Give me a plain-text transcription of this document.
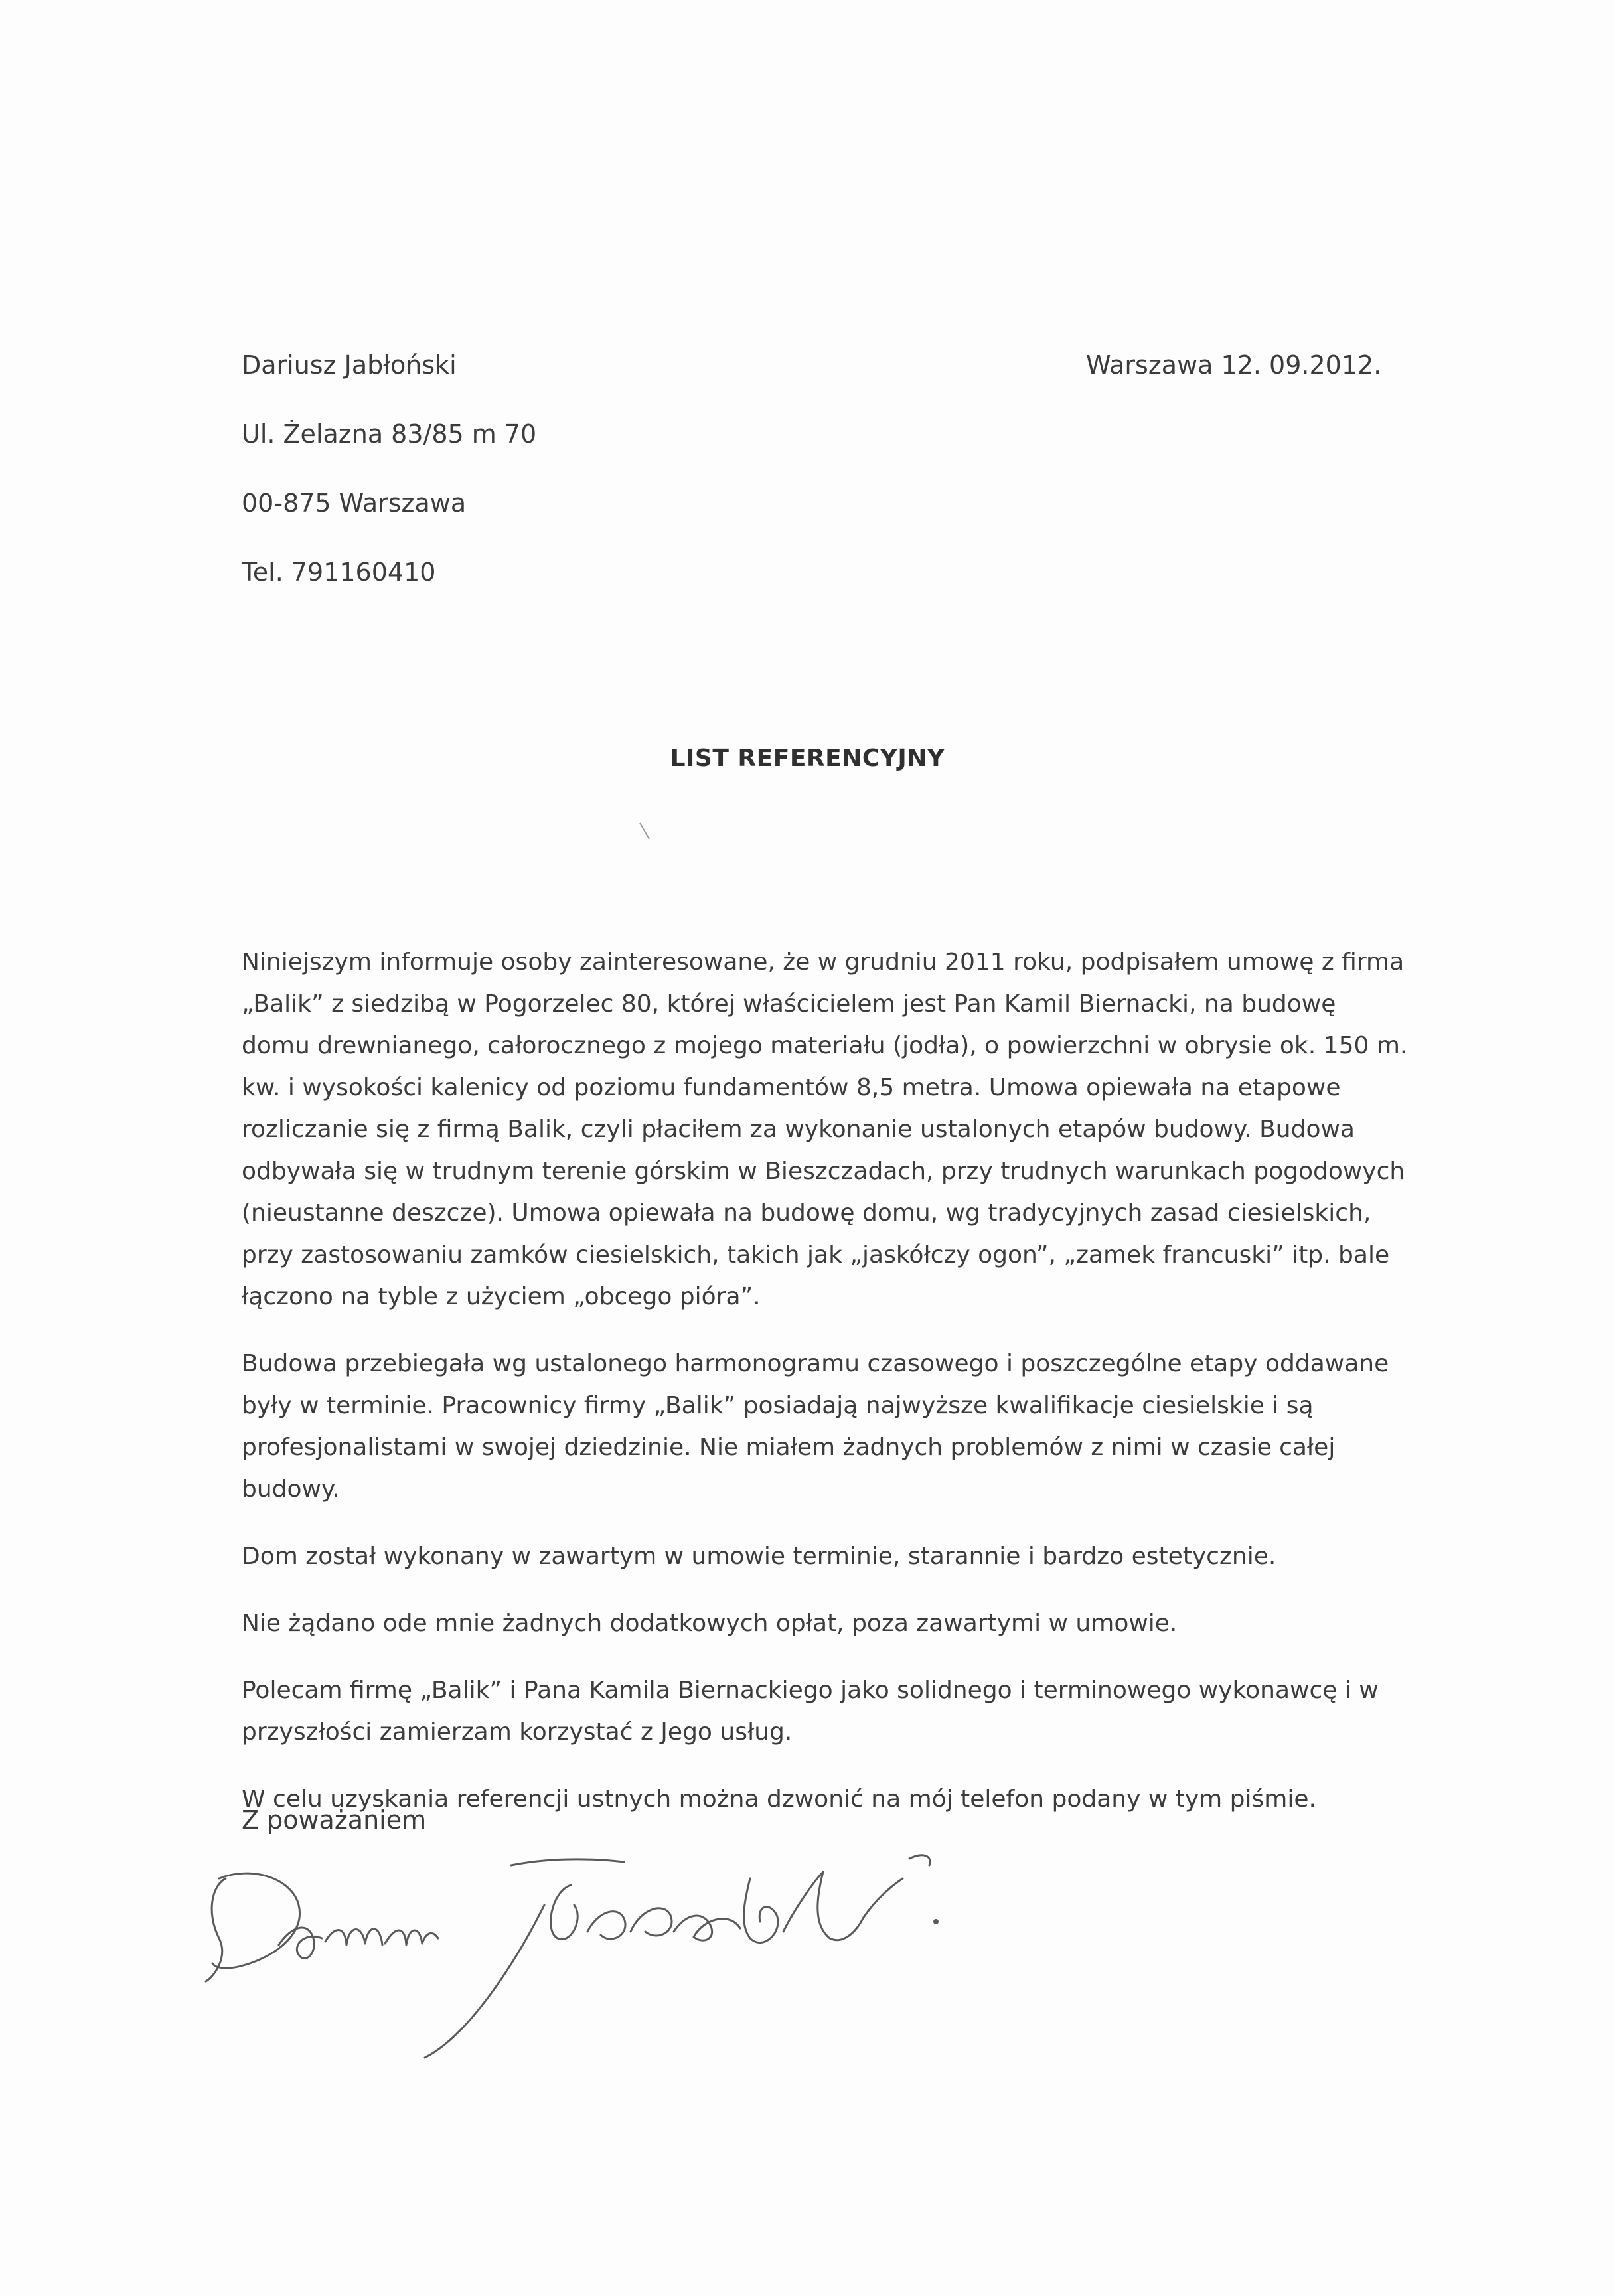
Dariusz Jabłoński
Ul. Żelazna 83/85 m 70
00-875 Warszawa
Tel. 791160410
Warszawa 12. 09.2012.
LIST REFERENCYJNY

Niniejszym informuje osoby zainteresowane, że w grudniu 2011 roku, podpisałem umowę z firma „Balik” z siedzibą w Pogorzelec 80, której właścicielem jest Pan Kamil Biernacki, na budowę domu drewnianego, całorocznego z mojego materiału (jodła), o powierzchni w obrysie ok. 150 m. kw. i wysokości kalenicy od poziomu fundamentów 8,5 metra. Umowa opiewała na etapowe rozliczanie się z firmą Balik, czyli płaciłem za wykonanie ustalonych etapów budowy. Budowa odbywała się w trudnym terenie górskim w Bieszczadach, przy trudnych warunkach pogodowych (nieustanne deszcze). Umowa opiewała na budowę domu, wg tradycyjnych zasad ciesielskich, przy zastosowaniu zamków ciesielskich, takich jak „jaskółczy ogon”, „zamek francuski” itp. bale łączono na tyble z użyciem „obcego pióra”.

Budowa przebiegała wg ustalonego harmonogramu czasowego i poszczególne etapy oddawane były w terminie. Pracownicy firmy „Balik” posiadają najwyższe kwalifikacje ciesielskie i są profesjonalistami w swojej dziedzinie. Nie miałem żadnych problemów z nimi w czasie całej budowy.

Dom został wykonany w zawartym w umowie terminie, starannie i bardzo estetycznie.

Nie żądano ode mnie żadnych dodatkowych opłat, poza zawartymi w umowie.

Polecam firmę „Balik” i Pana Kamila Biernackiego jako solidnego i terminowego wykonawcę i w przyszłości zamierzam korzystać z Jego usług.

W celu uzyskania referencji ustnych można dzwonić na mój telefon podany w tym piśmie.

Z poważaniem
